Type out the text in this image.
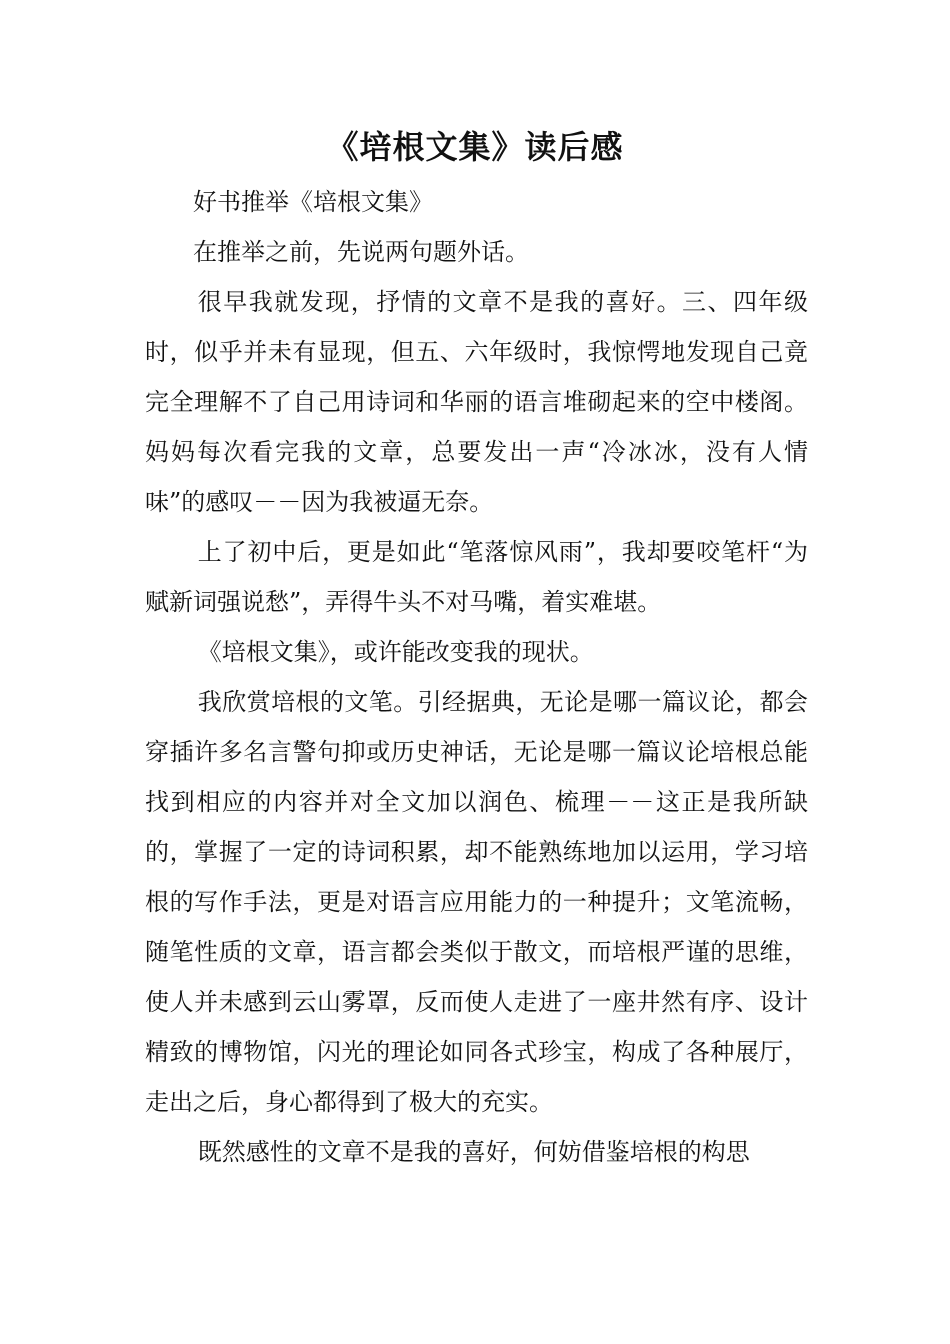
《培根文集》读后感

好书推举《培根文集》

在推举之前，先说两句题外话。

很早我就发现，抒情的文章不是我的喜好。三、四年级时，似乎并未有显现，但五、六年级时，我惊愕地发现自己竟完全理解不了自己用诗词和华丽的语言堆砌起来的空中楼阁。妈妈每次看完我的文章，总要发出一声“冷冰冰，没有人情味”的感叹－－因为我被逼无奈。

上了初中后，更是如此“笔落惊风雨”，我却要咬笔杆“为赋新词强说愁”，弄得牛头不对马嘴，着实难堪。

《培根文集》，或许能改变我的现状。

我欣赏培根的文笔。引经据典，无论是哪一篇议论，都会穿插许多名言警句抑或历史神话，无论是哪一篇议论培根总能找到相应的内容并对全文加以润色、梳理－－这正是我所缺的，掌握了一定的诗词积累，却不能熟练地加以运用，学习培根的写作手法，更是对语言应用能力的一种提升；文笔流畅，随笔性质的文章，语言都会类似于散文，而培根严谨的思维，使人并未感到云山雾罩，反而使人走进了一座井然有序、设计精致的博物馆，闪光的理论如同各式珍宝，构成了各种展厅，走出之后，身心都得到了极大的充实。

既然感性的文章不是我的喜好，何妨借鉴培根的构思
